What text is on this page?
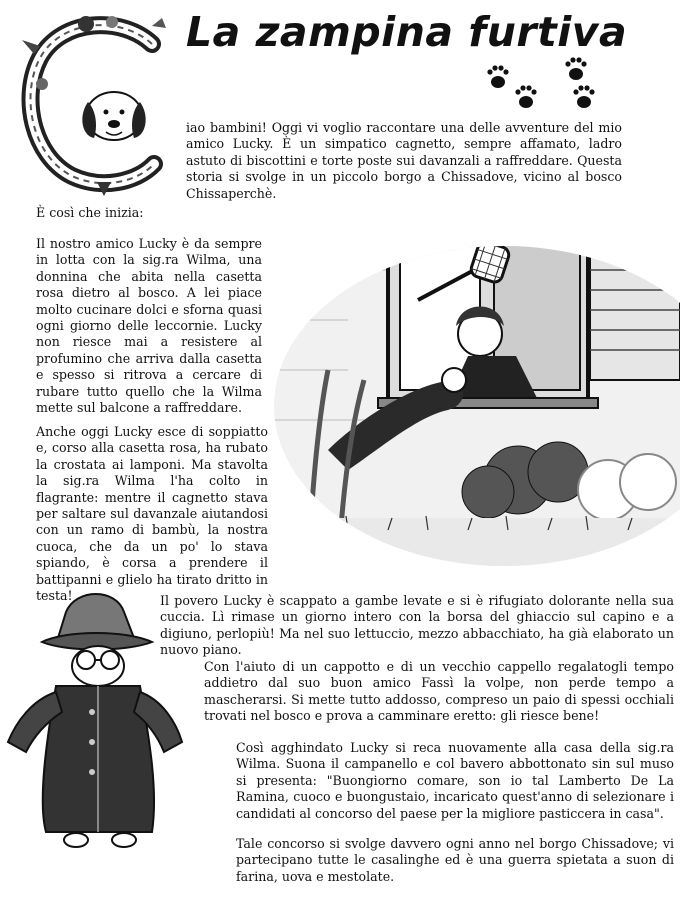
La zampina furtiva
iao bambini! Oggi vi voglio raccontare una delle avventure del mio amico Lucky. È un simpatico cagnetto, sempre affamato, ladro astuto di biscottini e torte poste sui davanzali a raffreddare. Questa storia si svolge in un piccolo borgo a Chissadove, vicino al bosco Chissaperchè.
È così che inizia:
Il nostro amico Lucky è da sempre in lotta con la sig.ra Wilma, una donnina che abita nella casetta rosa dietro al bosco. A lei piace molto cucinare dolci e sforna quasi ogni giorno delle leccornie. Lucky non riesce mai a resistere al profumino che arriva dalla casetta e spesso si ritrova a cercare di rubare tutto quello che la Wilma mette sul balcone a raffreddare.
Anche oggi Lucky esce di soppiatto e, corso alla casetta rosa, ha rubato la crostata ai lamponi. Ma stavolta la sig.ra Wilma l'ha colto in flagrante: mentre il cagnetto stava per saltare sul davanzale aiutandosi con un ramo di bambù, la nostra cuoca, che da un po' lo stava spiando, è corsa a prendere il battipanni e glielo ha tirato dritto in testa!	Il povero Lucky è scappato a gambe levate e si è rifugiato dolorante nella sua cuccia. Lì rimase un giorno intero con la borsa del ghiaccio sul capino e a digiuno, perlopiù! Ma nel suo lettuccio, mezzo abbacchiato, ha già elaborato un nuovo piano.
Con l'aiuto di un cappotto e di un vecchio cappello regalatogli tempo addietro dal suo buon amico Fassì la volpe, non perde tempo a mascherarsi. Si mette tutto addosso, compreso un paio di spessi occhiali trovati nel bosco e prova a camminare eretto: gli riesce bene!
Così agghindato Lucky si reca nuovamente alla casa della sig.ra Wilma. Suona il campanello e col bavero abbottonato sin sul muso si presenta: "Buongiorno comare, son io tal Lamberto De La Ramina, cuoco e buongustaio, incaricato quest'anno di selezionare i candidati al concorso del paese per la migliore pasticcera in casa".
Tale concorso si svolge davvero ogni anno nel borgo Chissadove; vi partecipano tutte le casalinghe ed è una guerra spietata a suon di farina, uova e mestolate.
